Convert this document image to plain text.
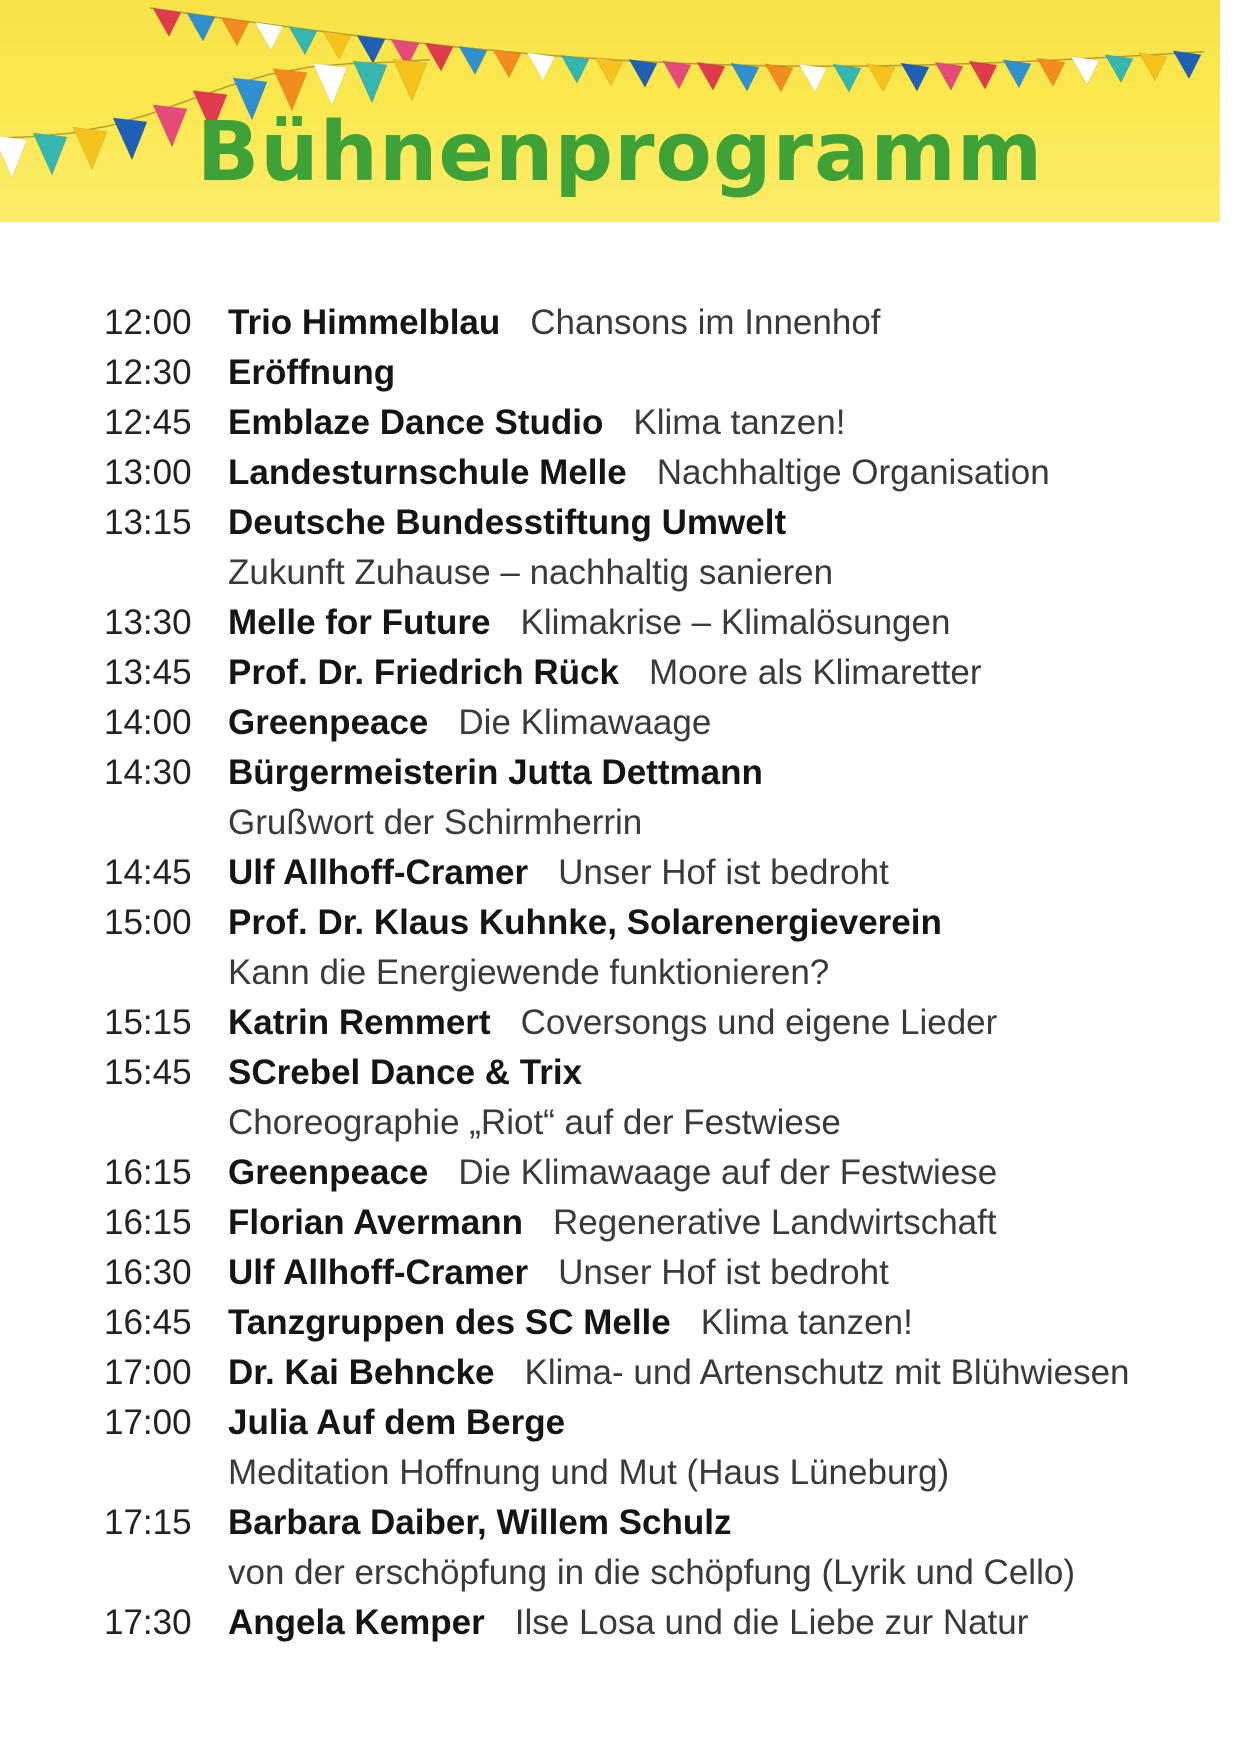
Bühnenprogramm
12:00	Trio Himmelblau Chansons im Innenhof
12:30	Eröffnung
12:45	Emblaze Dance Studio Klima tanzen!
13:00	Landesturnschule Melle Nachhaltige Organisation
13:15	Deutsche Bundesstiftung Umwelt
Zukunft Zuhause – nachhaltig sanieren
13:30	Melle for Future Klimakrise – Klimalösungen
13:45	Prof. Dr. Friedrich Rück Moore als Klimaretter
14:00	Greenpeace Die Klimawaage
14:30	Bürgermeisterin Jutta Dettmann
Grußwort der Schirmherrin
14:45	Ulf Allhoff-Cramer Unser Hof ist bedroht
15:00	Prof. Dr. Klaus Kuhnke, Solarenergieverein
Kann die Energiewende funktionieren?
15:15	Katrin Remmert Coversongs und eigene Lieder
15:45	SCrebel Dance & Trix
Choreographie „Riot“ auf der Festwiese
16:15	Greenpeace Die Klimawaage auf der Festwiese
16:15	Florian Avermann Regenerative Landwirtschaft
16:30	Ulf Allhoff-Cramer Unser Hof ist bedroht
16:45	Tanzgruppen des SC Melle Klima tanzen!
17:00	Dr. Kai Behncke Klima- und Artenschutz mit Blühwiesen
17:00	Julia Auf dem Berge
Meditation Hoffnung und Mut (Haus Lüneburg)
17:15	Barbara Daiber, Willem Schulz
von der erschöpfung in die schöpfung (Lyrik und Cello)
17:30	Angela Kemper Ilse Losa und die Liebe zur Natur
